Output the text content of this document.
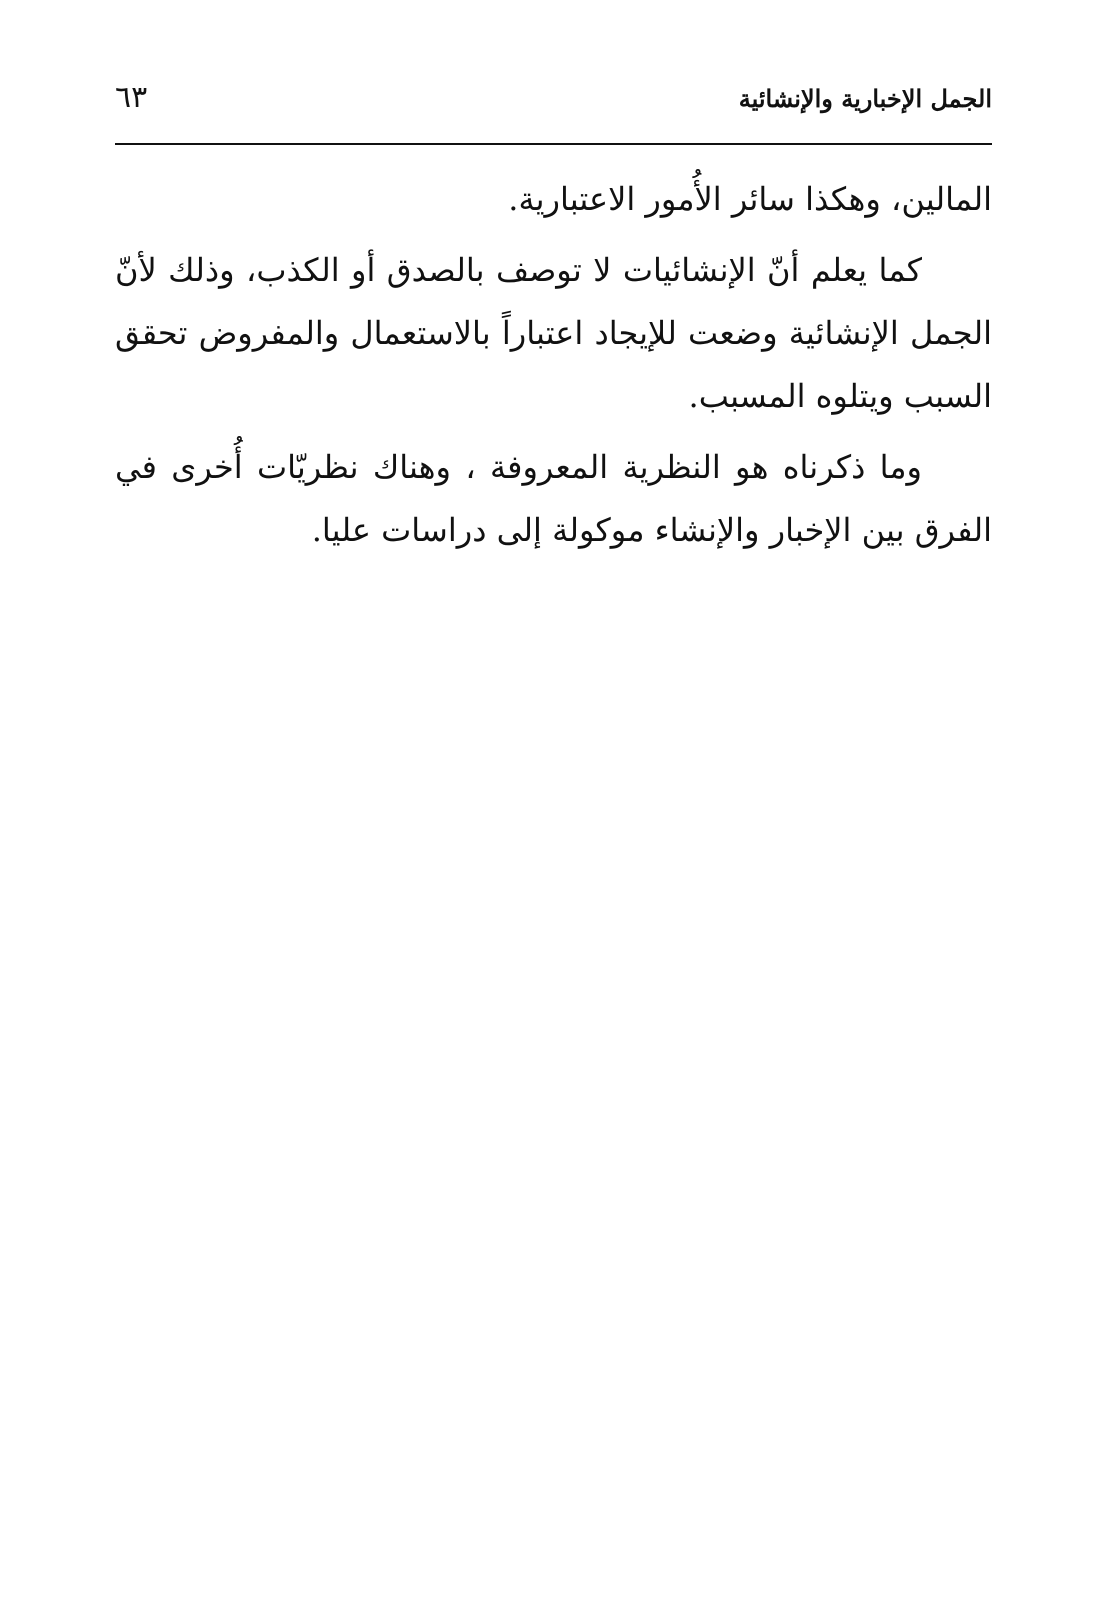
الجمل الإخبارية والإنشائية
٦٣

المالين، وهكذا سائر الأُمور الاعتبارية.

كما يعلم أنّ الإنشائيات لا توصف بالصدق أو الكذب، وذلك لأنّ الجمل الإنشائية وضعت للإيجاد اعتباراً بالاستعمال والمفروض تحقق السبب ويتلوه المسبب.

وما ذكرناه هو النظرية المعروفة ، وهناك نظريّات أُخرى في الفرق بين الإخبار والإنشاء موكولة إلى دراسات عليا.
